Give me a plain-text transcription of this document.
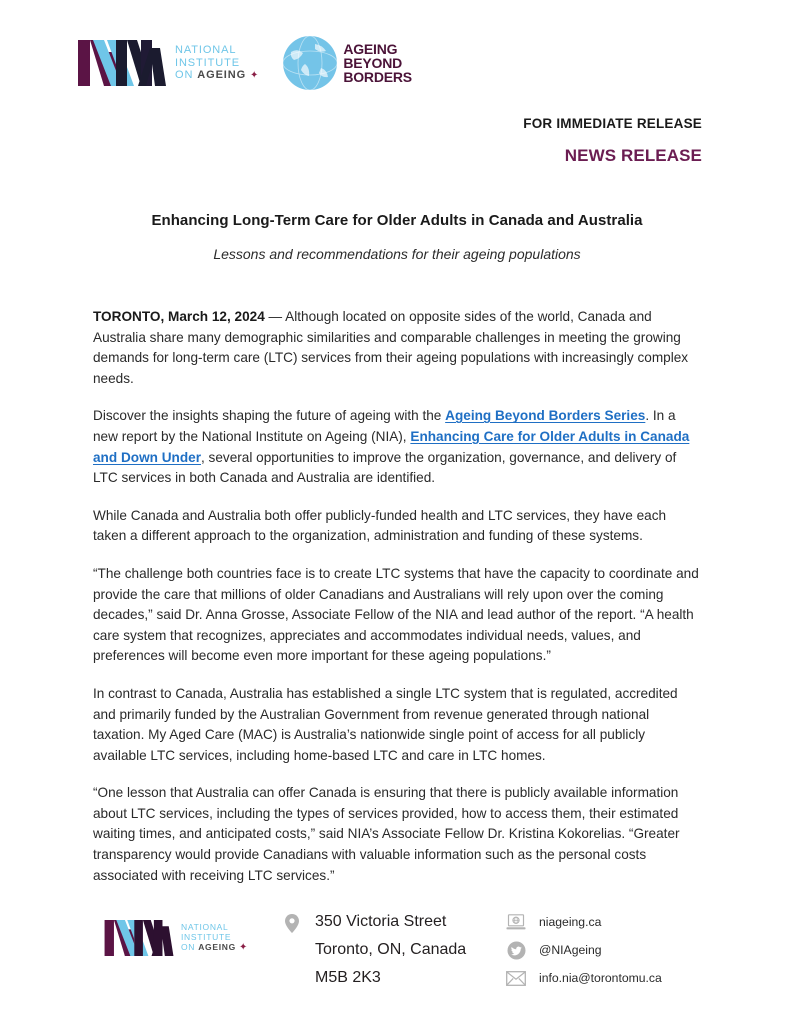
NATIONAL
INSTITUTE
ON AGEING ✦
AGEING
BEYOND
BORDERS
FOR IMMEDIATE RELEASE
NEWS RELEASE
Enhancing Long-Term Care for Older Adults in Canada and Australia
Lessons and recommendations for their ageing populations

TORONTO, March 12, 2024 — Although located on opposite sides of the world, Canada and Australia share many demographic similarities and comparable challenges in meeting the growing demands for long-term care (LTC) services from their ageing populations with increasingly complex needs.

Discover the insights shaping the future of ageing with the Ageing Beyond Borders Series. In a new report by the National Institute on Ageing (NIA), Enhancing Care for Older Adults in Canada and Down Under, several opportunities to improve the organization, governance, and delivery of LTC services in both Canada and Australia are identified.

While Canada and Australia both offer publicly-funded health and LTC services, they have each taken a different approach to the organization, administration and funding of these systems.

“The challenge both countries face is to create LTC systems that have the capacity to coordinate and provide the care that millions of older Canadians and Australians will rely upon over the coming decades,” said Dr. Anna Grosse, Associate Fellow of the NIA and lead author of the report. “A health care system that recognizes, appreciates and accommodates individual needs, values, and preferences will become even more important for these ageing populations.”

In contrast to Canada, Australia has established a single LTC system that is regulated, accredited and primarily funded by the Australian Government from revenue generated through national taxation. My Aged Care (MAC) is Australia’s nationwide single point of access for all publicly available LTC services, including home-based LTC and care in LTC homes.

“One lesson that Australia can offer Canada is ensuring that there is publicly available information about LTC services, including the types of services provided, how to access them, their estimated waiting times, and anticipated costs,” said NIA’s Associate Fellow Dr. Kristina Kokorelias. “Greater transparency would provide Canadians with valuable information such as the personal costs associated with receiving LTC services.”

NATIONAL
INSTITUTE
ON AGEING ✦
350 Victoria Street
Toronto, ON, Canada
M5B 2K3
niageing.ca
@NIAgeing
info.nia@torontomu.ca
